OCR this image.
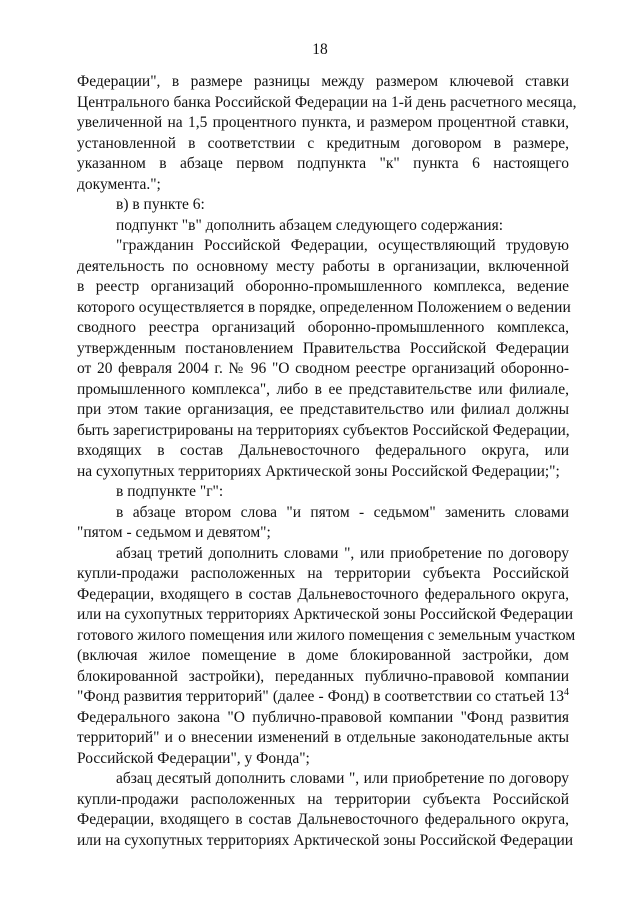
18
Федерации", в размере разницы между размером ключевой ставки
Центрального банка Российской Федерации на 1-й день расчетного месяца,
увеличенной на 1,5 процентного пункта, и размером процентной ставки,
установленной в соответствии с кредитным договором в размере,
указанном в абзаце первом подпункта "к" пункта 6 настоящего
документа.";
в) в пункте 6:
подпункт "в" дополнить абзацем следующего содержания:
"гражданин Российской Федерации, осуществляющий трудовую
деятельность по основному месту работы в организации, включенной
в реестр организаций оборонно-промышленного комплекса, ведение
которого осуществляется в порядке, определенном Положением о ведении
сводного реестра организаций оборонно-промышленного комплекса,
утвержденным постановлением Правительства Российской Федерации
от 20 февраля 2004 г. № 96 "О сводном реестре организаций оборонно-
промышленного комплекса", либо в ее представительстве или филиале,
при этом такие организация, ее представительство или филиал должны
быть зарегистрированы на территориях субъектов Российской Федерации,
входящих в состав Дальневосточного федерального округа, или
на сухопутных территориях Арктической зоны Российской Федерации;";
в подпункте "г":
в абзаце втором слова "и пятом - седьмом" заменить словами
"пятом - седьмом и девятом";
абзац третий дополнить словами ", или приобретение по договору
купли-продажи расположенных на территории субъекта Российской
Федерации, входящего в состав Дальневосточного федерального округа,
или на сухопутных территориях Арктической зоны Российской Федерации
готового жилого помещения или жилого помещения с земельным участком
(включая жилое помещение в доме блокированной застройки, дом
блокированной застройки), переданных публично-правовой компании
"Фонд развития территорий" (далее - Фонд) в соответствии со статьей $13^4$
Федерального закона "О публично-правовой компании "Фонд развития
территорий" и о внесении изменений в отдельные законодательные акты
Российской Федерации", у Фонда";
абзац десятый дополнить словами ", или приобретение по договору
купли-продажи расположенных на территории субъекта Российской
Федерации, входящего в состав Дальневосточного федерального округа,
или на сухопутных территориях Арктической зоны Российской Федерации
